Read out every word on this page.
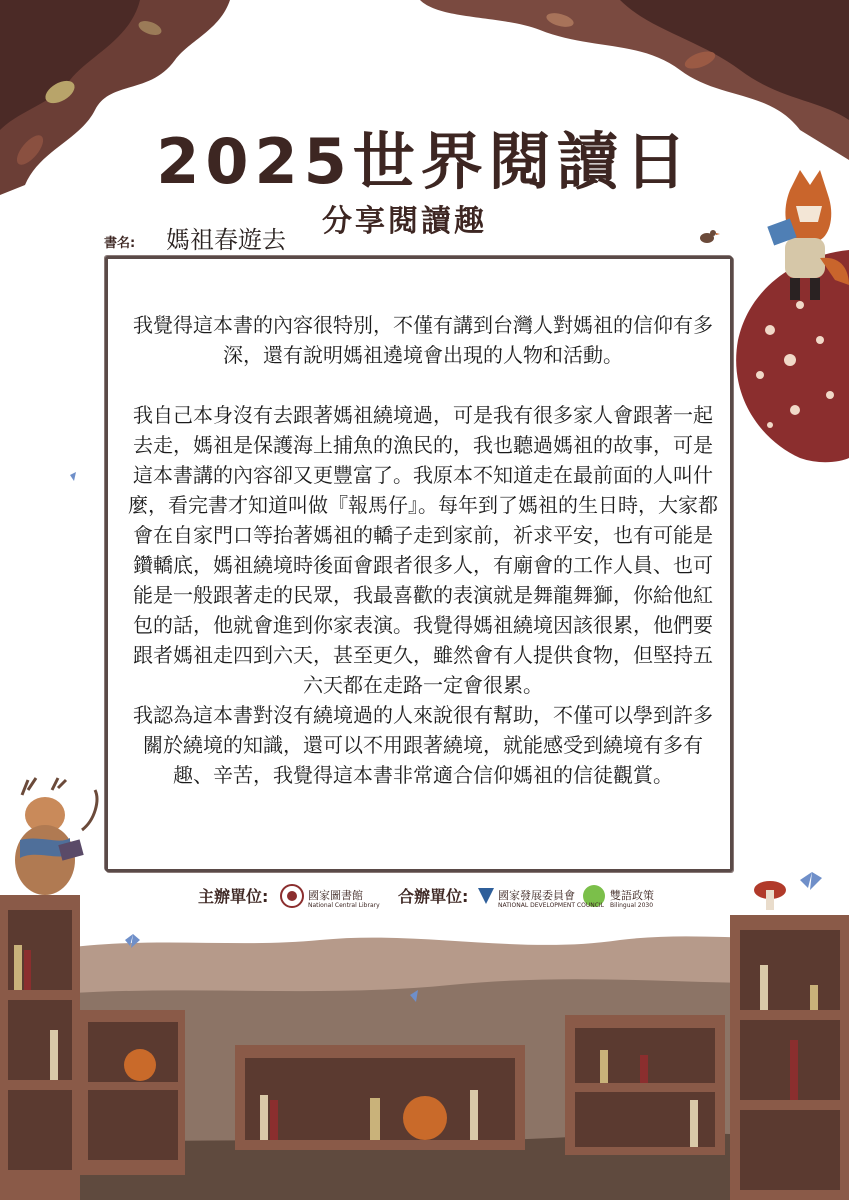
2025世界閱讀日
分享閱讀趣
書名: 媽祖春遊去

我覺得這本書的內容很特別，不僅有講到台灣人對媽祖的信仰有多深，還有說明媽祖遶境會出現的人物和活動。

我自己本身沒有去跟著媽祖繞境過，可是我有很多家人會跟著一起去走，媽祖是保護海上捕魚的漁民的，我也聽過媽祖的故事，可是這本書講的內容卻又更豐富了。我原本不知道走在最前面的人叫什麼，看完書才知道叫做『報馬仔』。每年到了媽祖的生日時，大家都會在自家門口等抬著媽祖的轎子走到家前，祈求平安，也有可能是鑽轎底，媽祖繞境時後面會跟者很多人，有廟會的工作人員、也可能是一般跟著走的民眾，我最喜歡的表演就是舞龍舞獅，你給他紅包的話，他就會進到你家表演。我覺得媽祖繞境因該很累，他們要跟者媽祖走四到六天，甚至更久，雖然會有人提供食物，但堅持五六天都在走路一定會很累。

我認為這本書對沒有繞境過的人來說很有幫助，不僅可以學到許多關於繞境的知識，還可以不用跟著繞境，就能感受到繞境有多有趣、辛苦，我覺得這本書非常適合信仰媽祖的信徒觀賞。

主辦單位:	國家圖書館
National Central Library 合辦單位:	國家發展委員會
NATIONAL DEVELOPMENT COUNCIL
雙語政策
Bilingual 2030
